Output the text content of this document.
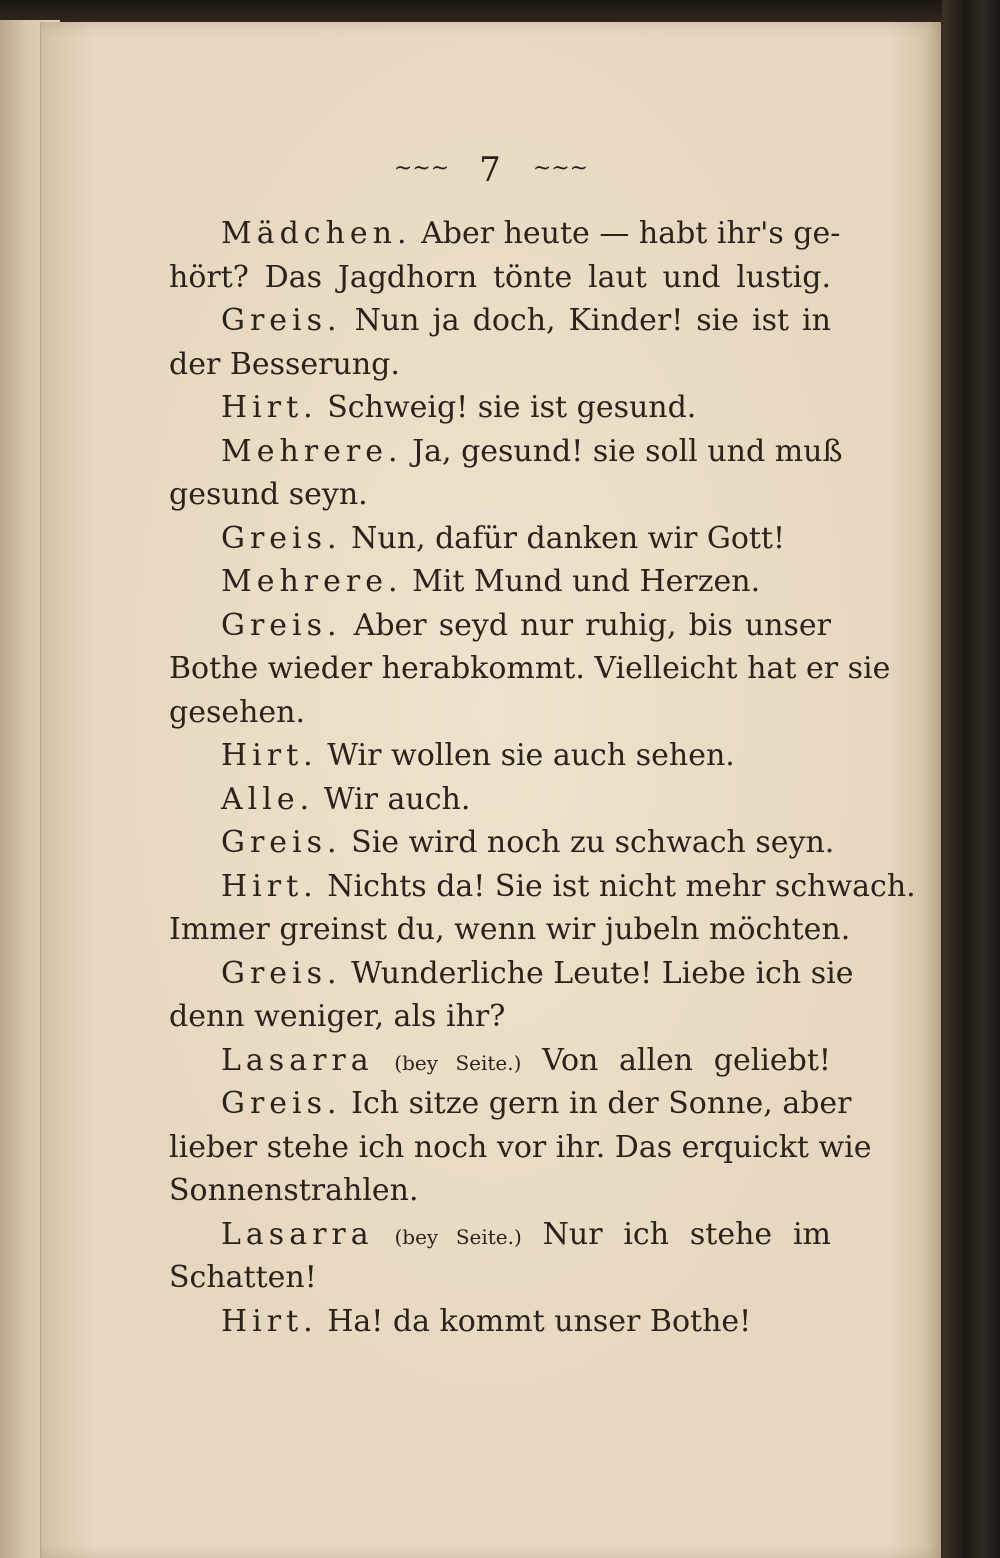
~~~ 7 ~~~
Mädchen. Aber heute — habt ihr's ge-
hört? Das Jagdhorn tönte laut und lustig.
Greis. Nun ja doch, Kinder! sie ist in
der Besserung.
Hirt. Schweig! sie ist gesund.
Mehrere. Ja, gesund! sie soll und muß
gesund seyn.
Greis. Nun, dafür danken wir Gott!
Mehrere. Mit Mund und Herzen.
Greis. Aber seyd nur ruhig, bis unser
Bothe wieder herabkommt. Vielleicht hat er sie
gesehen.
Hirt. Wir wollen sie auch sehen.
Alle. Wir auch.
Greis. Sie wird noch zu schwach seyn.
Hirt. Nichts da! Sie ist nicht mehr schwach.
Immer greinst du, wenn wir jubeln möchten.
Greis. Wunderliche Leute! Liebe ich sie
denn weniger, als ihr?
Lasarra (bey Seite.) Von allen geliebt!
Greis. Ich sitze gern in der Sonne, aber
lieber stehe ich noch vor ihr. Das erquickt wie
Sonnenstrahlen.
Lasarra (bey Seite.) Nur ich stehe im
Schatten!
Hirt. Ha! da kommt unser Bothe!
